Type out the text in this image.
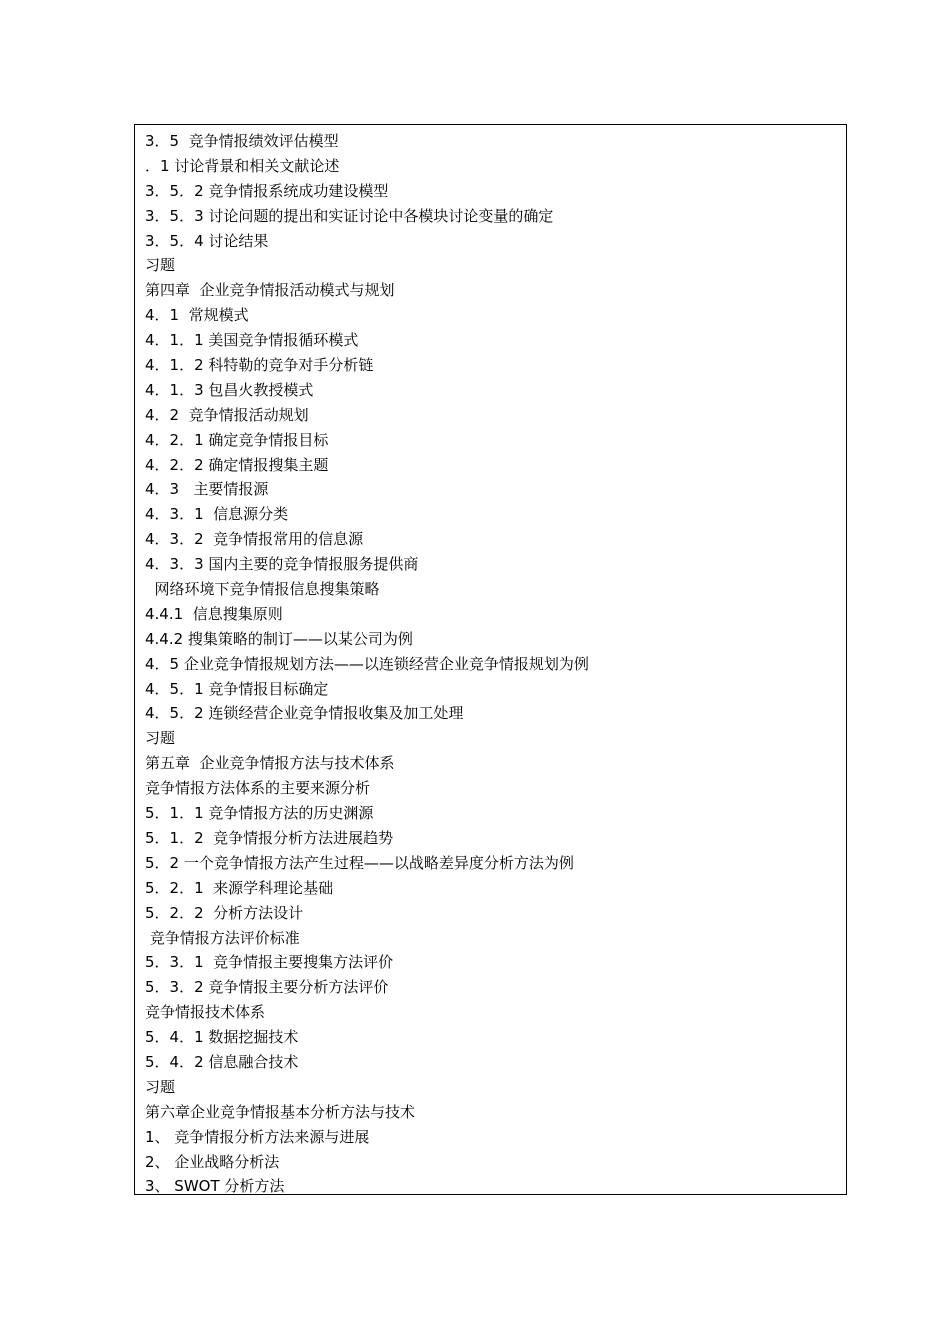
3．5  竞争情报绩效评估模型
．1 讨论背景和相关文献论述
3．5．2 竞争情报系统成功建设模型
3．5．3 讨论问题的提出和实证讨论中各模块讨论变量的确定
3．5．4 讨论结果
习题
第四章  企业竞争情报活动模式与规划
4．1  常规模式
4．1．1 美国竞争情报循环模式
4．1．2 科特勒的竞争对手分析链
4．1．3 包昌火教授模式
4．2  竞争情报活动规划
4．2．1 确定竞争情报目标
4．2．2 确定情报搜集主题
4．3   主要情报源
4．3．1  信息源分类
4．3．2  竞争情报常用的信息源
4．3．3 国内主要的竞争情报服务提供商
网络环境下竞争情报信息搜集策略
4.4.1  信息搜集原则
4.4.2 搜集策略的制订——以某公司为例
4．5 企业竞争情报规划方法——以连锁经营企业竞争情报规划为例
4．5．1 竞争情报目标确定
4．5．2 连锁经营企业竞争情报收集及加工处理
习题
第五章  企业竞争情报方法与技术体系
竞争情报方法体系的主要来源分析
5．1．1 竞争情报方法的历史渊源
5．1．2  竞争情报分析方法进展趋势
5．2 一个竞争情报方法产生过程——以战略差异度分析方法为例
5．2．1  来源学科理论基础
5．2．2  分析方法设计
竞争情报方法评价标准
5．3．1  竞争情报主要搜集方法评价
5．3．2 竞争情报主要分析方法评价
竞争情报技术体系
5．4．1 数据挖掘技术
5．4．2 信息融合技术
习题
第六章企业竞争情报基本分析方法与技术
1、 竞争情报分析方法来源与进展
2、 企业战略分析法
3、 SWOT 分析方法
